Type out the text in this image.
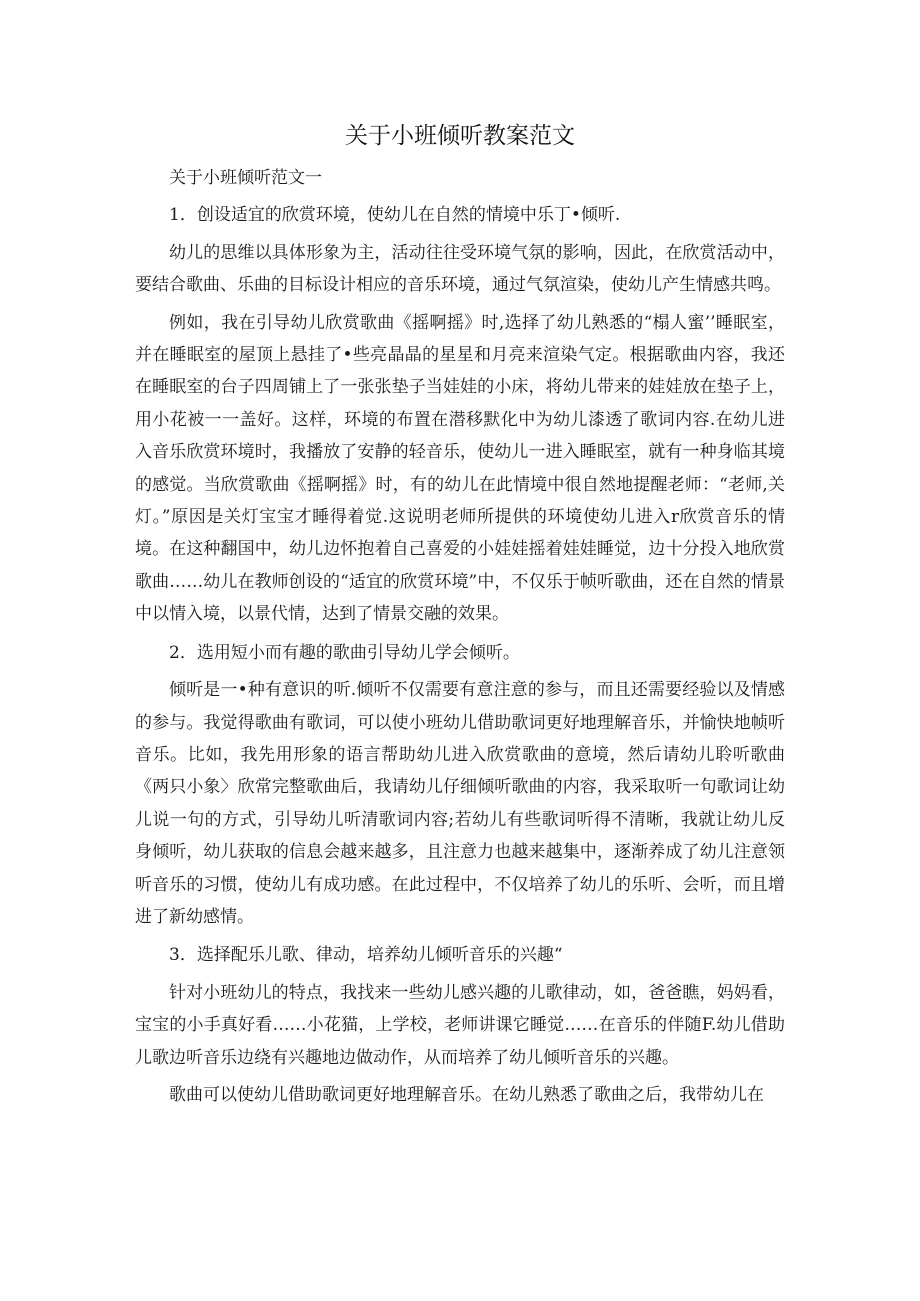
关于小班倾听教案范文

关于小班倾听范文一

1．创设适宜的欣赏环境，使幼儿在自然的情境中乐丁•倾听.

幼儿的思维以具体形象为主，活动往往受环境气氛的影响，因此，在欣赏活动中，要结合歌曲、乐曲的目标设计相应的音乐环境，通过气氛渲染，使幼儿产生情感共鸣。

例如，我在引导幼儿欣赏歌曲《摇啊摇》时,选择了幼儿熟悉的“榻人蜜’’睡眠室，并在睡眠室的屋顶上悬挂了•些亮晶晶的星星和月亮来渲染气定。根据歌曲内容，我还在睡眠室的台子四周铺上了一张张垫子当娃娃的小床，将幼儿带来的娃娃放在垫子上，用小花被一一盖好。这样，环境的布置在潜移默化中为幼儿漆透了歌词内容.在幼儿进入音乐欣赏环境时，我播放了安静的轻音乐，使幼儿一进入睡眠室，就有一种身临其境的感觉。当欣赏歌曲《摇啊摇》时，有的幼儿在此情境中很自然地提醒老师：“老师,关灯。”原因是关灯宝宝才睡得着觉.这说明老师所提供的环境使幼儿进入r欣赏音乐的情境。在这种翻国中，幼儿边怀抱着自己喜爱的小娃娃摇着娃娃睡觉，边十分投入地欣赏歌曲……幼儿在教师创设的“适宜的欣赏环境”中，不仅乐于帧听歌曲，还在自然的情景中以情入境，以景代情，达到了情景交融的效果。

2．选用短小而有趣的歌曲引导幼儿学会倾听。

倾听是一•种有意识的听.倾听不仅需要有意注意的参与，而且还需要经验以及情感的参与。我觉得歌曲有歌词，可以使小班幼儿借助歌词更好地理解音乐，并愉快地帧听音乐。比如，我先用形象的语言帮助幼儿进入欣赏歌曲的意境，然后请幼儿聆听歌曲《两只小象〉欣常完整歌曲后，我请幼儿仔细倾听歌曲的内容，我采取听一句歌词让幼儿说一句的方式，引导幼儿听清歌词内容;若幼儿有些歌词听得不清晰，我就让幼儿反身倾听，幼儿获取的信息会越来越多，且注意力也越来越集中，逐渐养成了幼儿注意领听音乐的习惯，使幼儿有成功感。在此过程中，不仅培养了幼儿的乐听、会听，而且增进了新幼感情。

3．选择配乐儿歌、律动，培养幼儿倾听音乐的兴趣“

针对小班幼儿的特点，我找来一些幼儿感兴趣的儿歌律动，如，爸爸瞧，妈妈看，宝宝的小手真好看……小花猫，上学校，老师讲课它睡觉……在音乐的伴随F.幼儿借助儿歌边听音乐边绕有兴趣地边做动作，从而培养了幼儿倾听音乐的兴趣。

歌曲可以使幼儿借助歌词更好地理解音乐。在幼儿熟悉了歌曲之后，我带幼儿在
